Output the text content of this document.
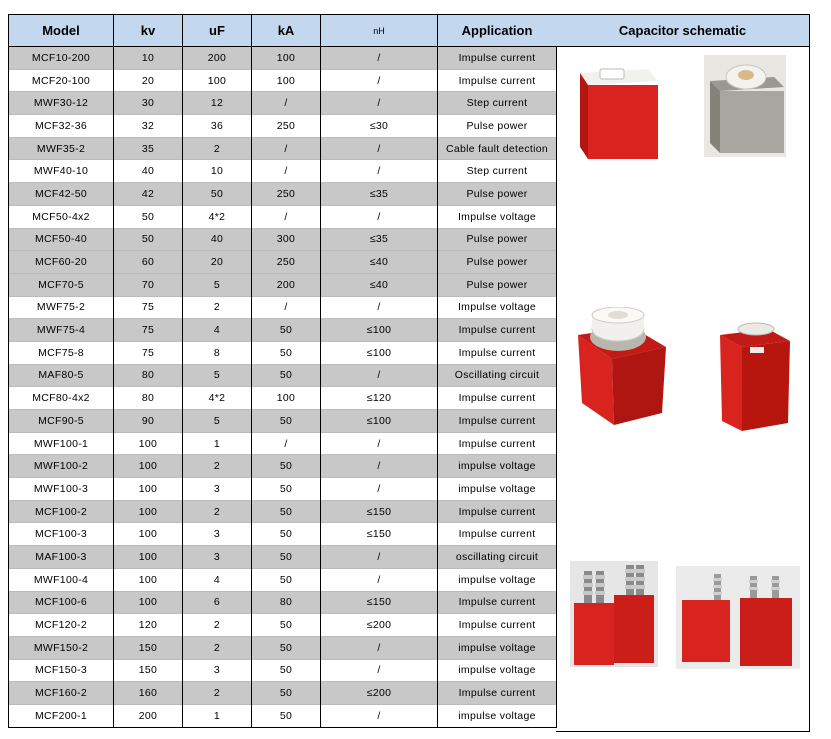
Model	kv	uF	kA	nH	Application
MCF10-200	10	200	100	/	Impulse current
MCF20-100	20	100	100	/	Impulse current
MWF30-12	30	12	/	/	Step current
MCF32-36	32	36	250	≤30	Pulse power
MWF35-2	35	2	/	/	Cable fault detection
MWF40-10	40	10	/	/	Step current
MCF42-50	42	50	250	≤35	Pulse power
MCF50-4x2	50	4*2	/	/	Impulse voltage
MCF50-40	50	40	300	≤35	Pulse power
MCF60-20	60	20	250	≤40	Pulse power
MCF70-5	70	5	200	≤40	Pulse power
MWF75-2	75	2	/	/	Impulse voltage
MWF75-4	75	4	50	≤100	Impulse current
MCF75-8	75	8	50	≤100	Impulse current
MAF80-5	80	5	50	/	Oscillating circuit
MCF80-4x2	80	4*2	100	≤120	Impulse current
MCF90-5	90	5	50	≤100	Impulse current
MWF100-1	100	1	/	/	Impulse current
MWF100-2	100	2	50	/	impulse voltage
MWF100-3	100	3	50	/	impulse voltage
MCF100-2	100	2	50	≤150	Impulse current
MCF100-3	100	3	50	≤150	Impulse current
MAF100-3	100	3	50	/	oscillating circuit
MWF100-4	100	4	50	/	impulse voltage
MCF100-6	100	6	80	≤150	Impulse current
MCF120-2	120	2	50	≤200	Impulse current
MWF150-2	150	2	50	/	impulse voltage
MCF150-3	150	3	50	/	impulse voltage
MCF160-2	160	2	50	≤200	Impulse current
MCF200-1	200	1	50	/	impulse voltage
Capacitor schematic
